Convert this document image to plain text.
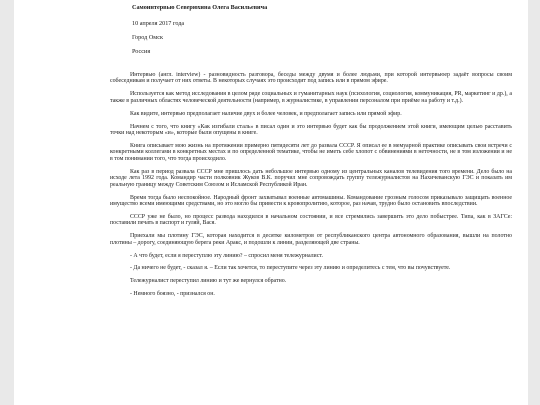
Самоинтервью Северюхина Олега Васильевича
10 апреля 2017 года
Город Омск
Россия

Интервью (англ. interview) - разновидность разговора, беседы между двумя и более людьми, при которой интервьюер задаёт вопросы своим собеседникам и получает от них ответы. В некоторых случаях это происходит под запись или в прямом эфире.

Используется как метод исследования в целом ряде социальных и гуманитарных наук (психология, социология, коммуникация, PR, маркетинг и др.), а также в различных областях человеческой деятельности (например, в журналистике, в управлении персоналом при приёме на работу и т.д.).

Как видите, интервью предполагает наличие двух и более человек, и предполагает запись или прямой эфир.

Начнем с того, что книгу «Как изгибали сталь» в писал один и это интервью будет как бы продолжением этой книги, имеющим целью расставить точки над некоторым «и», которые были опущены в книге.

Книга описывает мою жизнь на протяжении примерно пятидесяти лет до развала СССР. Я описал ее в мемуарной практике описывать свои встречи с конкретными коллегами в конкретных местах и по определенной тематике, чтобы не иметь себе хлопот с обвинениями в неточности, не в том изложении и не в том понимании того, что тогда происходило.

Как раз в период развала СССР мне пришлось дать небольшое интервью одному из центральных каналов телевидения того времени. Дело было на исходе лета 1992 года. Командир части полковник Жуков В.К. поручил мне сопровождать группу тележурналистов на Нахичеванскую ГЭС и показать им реальную границу между Советским Союзом и Исламской Республикой Иран.

Время тогда было неспокойное. Народный фронт захватывал военные автомашины. Командование грозным голосом приказывало защищать военное имущество всеми имеющими средствами, но это могло бы привести к кровопролитию, которое, раз начав, трудно было остановить впоследствии.

СССР уже не было, но процесс развода находился в начальном состоянии, и все стремились завершить это дело побыстрее. Типа, как в ЗАГСе: поставили печать в паспорт и гуляй, Вася.

Приехали мы плотину ГЭС, которая находится в десятке километров от республиканского центра автономного образования, вышли на полотно плотины – дорогу, соединяющую берега реки Аракс, и подошли к линии, разделяющей две страны.

- А что будет, если я переступлю эту линию? – спросил меня тележурналист.

- Да ничего не будет, - сказал я. – Если так хочется, то переступите через эту линию и определитесь с тем, что вы почувствуете.

Тележурналист переступил линию и тут же вернулся обратно.

- Немного боязно, - признался он.
